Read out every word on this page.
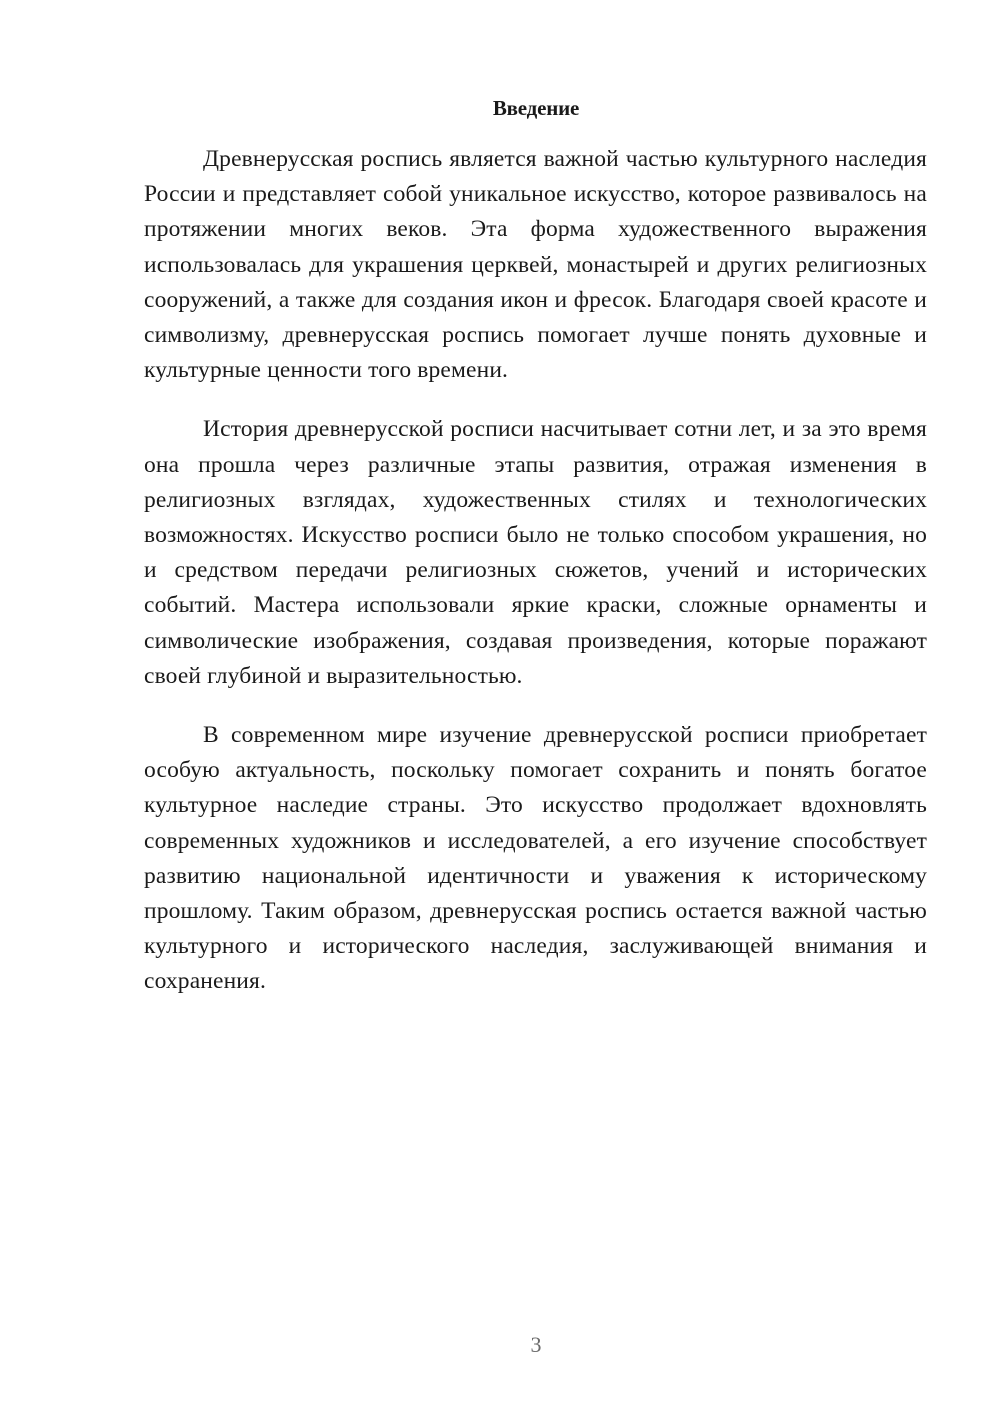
Введение

Древнерусская роспись является важной частью культурного наследия России и представляет собой уникальное искусство, которое развивалось на протяжении многих веков. Эта форма художественного выражения использовалась для украшения церквей, монастырей и других религиозных сооружений, а также для создания икон и фресок. Благодаря своей красоте и символизму, древнерусская роспись помогает лучше понять духовные и культурные ценности того времени.

История древнерусской росписи насчитывает сотни лет, и за это время она прошла через различные этапы развития, отражая изменения в религиозных взглядах, художественных стилях и технологических возможностях. Искусство росписи было не только способом украшения, но и средством передачи религиозных сюжетов, учений и исторических событий. Мастера использовали яркие краски, сложные орнаменты и символические изображения, создавая произведения, которые поражают своей глубиной и выразительностью.

В современном мире изучение древнерусской росписи приобретает особую актуальность, поскольку помогает сохранить и понять богатое культурное наследие страны. Это искусство продолжает вдохновлять современных художников и исследователей, а его изучение способствует развитию национальной идентичности и уважения к историческому прошлому. Таким образом, древнерусская роспись остается важной частью культурного и исторического наследия, заслуживающей внимания и сохранения.

3
